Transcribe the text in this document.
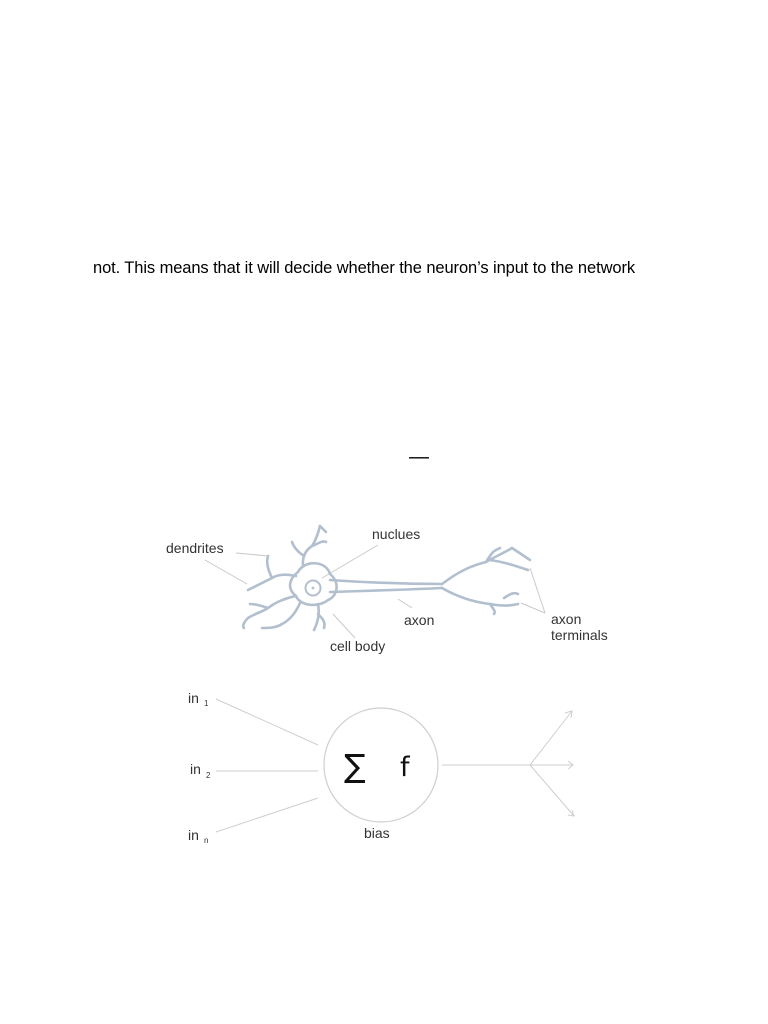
not. This means that it will decide whether the neuron’s input to the network
—
dendrites
nuclues
axon
cell body
axon
terminals
in 1
in 2
in n
∑ f
bias
